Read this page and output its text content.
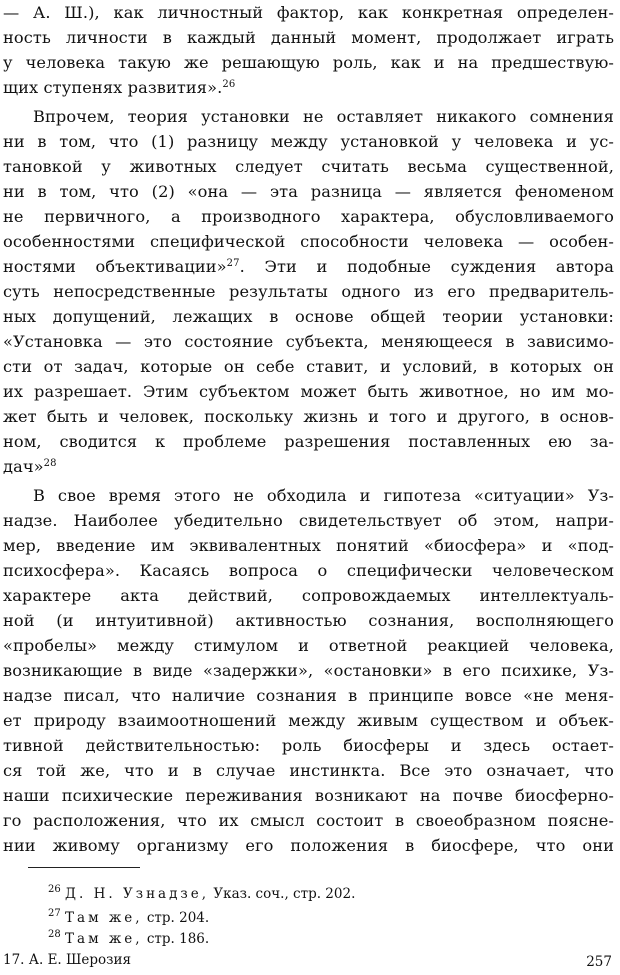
— А. Ш.), как личностный фактор, как конкретная определен-
ность личности в каждый данный момент, продолжает играть
у человека такую же решающую роль, как и на предшествую-
щих ступенях развития».$^{26}$
Впрочем, теория установки не оставляет никакого сомнения
ни в том, что (1) разницу между установкой у человека и ус-
тановкой у животных следует считать весьма существенной,
ни в том, что (2) «она — эта разница — является феноменом
не первичного, а производного характера, обусловливаемого
особенностями специфической способности человека — особен-
ностями объективации»$^{27}$. Эти и подобные суждения автора
суть непосредственные результаты одного из его предваритель-
ных допущений, лежащих в основе общей теории установки:
«Установка — это состояние субъекта, меняющееся в зависимо-
сти от задач, которые он себе ставит, и условий, в которых он
их разрешает. Этим субъектом может быть животное, но им мо-
жет быть и человек, поскольку жизнь и того и другого, в основ-
ном, сводится к проблеме разрешения поставленных ею за-
дач»$^{28}$
В свое время этого не обходила и гипотеза «ситуации» Уз-
надзе. Наиболее убедительно свидетельствует об этом, напри-
мер, введение им эквивалентных понятий «биосфера» и «под-
психосфера». Касаясь вопроса о специфически человеческом
характере акта действий, сопровождаемых интеллектуаль-
ной (и интуитивной) активностью сознания, восполняющего
«пробелы» между стимулом и ответной реакцией человека,
возникающие в виде «задержки», «остановки» в его психике, Уз-
надзе писал, что наличие сознания в принципе вовсе «не меня-
ет природу взаимоотношений между живым существом и объек-
тивной действительностью: роль биосферы и здесь остает-
ся той же, что и в случае инстинкта. Все это означает, что
наши психические переживания возникают на почве биосферно-
го расположения, что их смысл состоит в своеобразном поясне-
нии живому организму его положения в биосфере, что они
$^{26}$ Д. Н. Узнадзе, Указ. соч., стр. 202.
$^{27}$ Там же, стр. 204.
$^{28}$ Там же, стр. 186.
17. А. Е. Шерозия	257
